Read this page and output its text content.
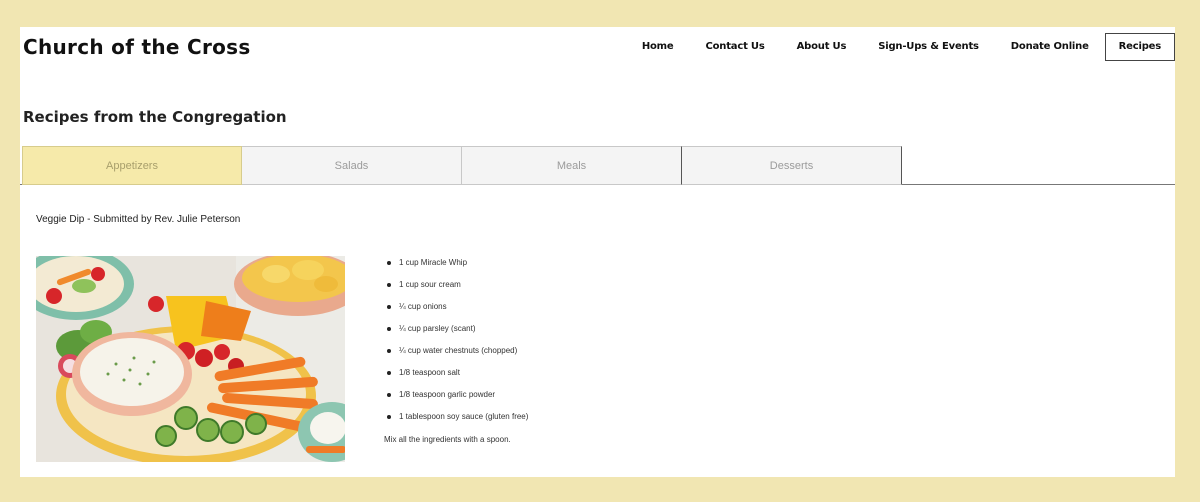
Church of the Cross	Home	Contact Us	About Us	Sign-Ups & Events	Donate Online	Recipes
Recipes from the Congregation
Appetizers	Salads	Meals	Desserts
Veggie Dip - Submitted by Rev. Julie Peterson
1 cup Miracle Whip
1 cup sour cream
¼ cup onions
¼ cup parsley (scant)
¼ cup water chestnuts (chopped)
1/8 teaspoon salt
1/8 teaspoon garlic powder
1 tablespoon soy sauce (gluten free)
Mix all the ingredients with a spoon.
